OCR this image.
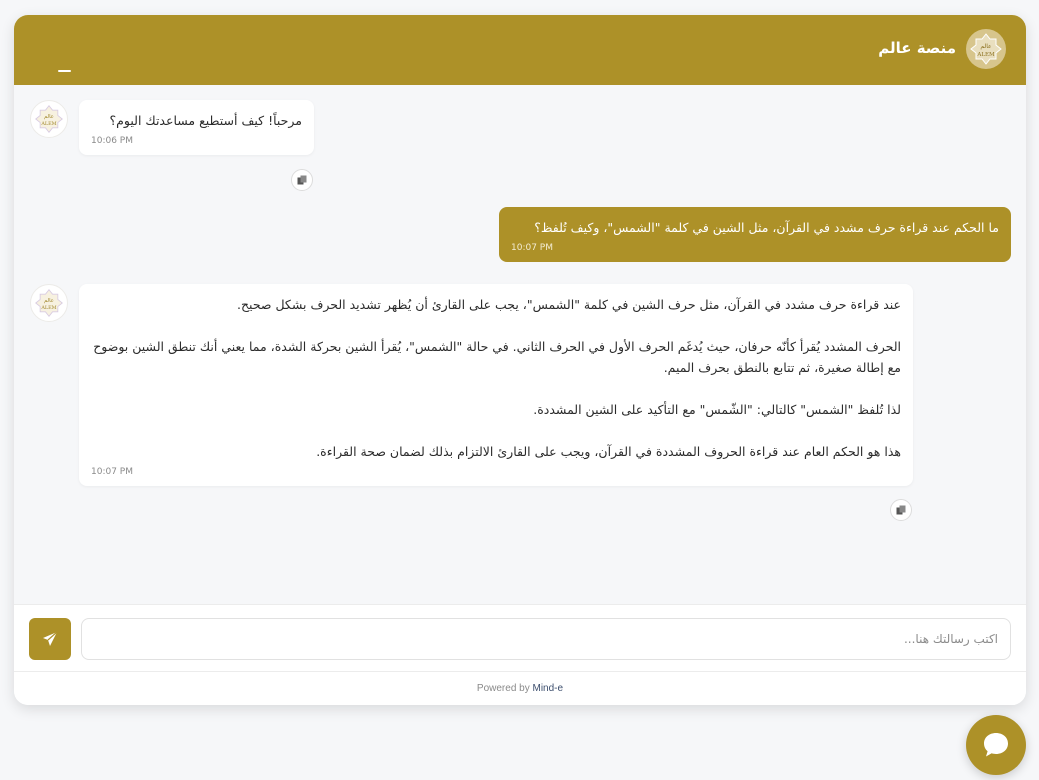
منصة عالم	عالم
ALEM
عالم
ALEM	مرحباً! كيف أستطيع مساعدتك اليوم؟

10:06 PM

ما الحكم عند قراءة حرف مشدد في القرآن، مثل الشين في كلمة "الشمس"، وكيف تُلفظ؟

10:07 PM
عالم
ALEM	عند قراءة حرف مشدد في القرآن، مثل حرف الشين في كلمة "الشمس"، يجب على القارئ أن يُظهر تشديد الحرف بشكل صحيح.

الحرف المشدد يُقرأ كأنّه حرفان، حيث يُدغَم الحرف الأول في الحرف الثاني. في حالة "الشمس"، يُقرأ الشين بحركة الشدة، مما يعني أنك تنطق الشين بوضوح مع إطالة صغيرة، ثم تتابع بالنطق بحرف الميم.

لذا تُلفظ "الشمس" كالتالي: "الشّمس" مع التأكيد على الشين المشددة.

هذا هو الحكم العام عند قراءة الحروف المشددة في القرآن، ويجب على القارئ الالتزام بذلك لضمان صحة القراءة.

10:07 PM
اكتب رسالتك هنا...
Powered by Mind-e
